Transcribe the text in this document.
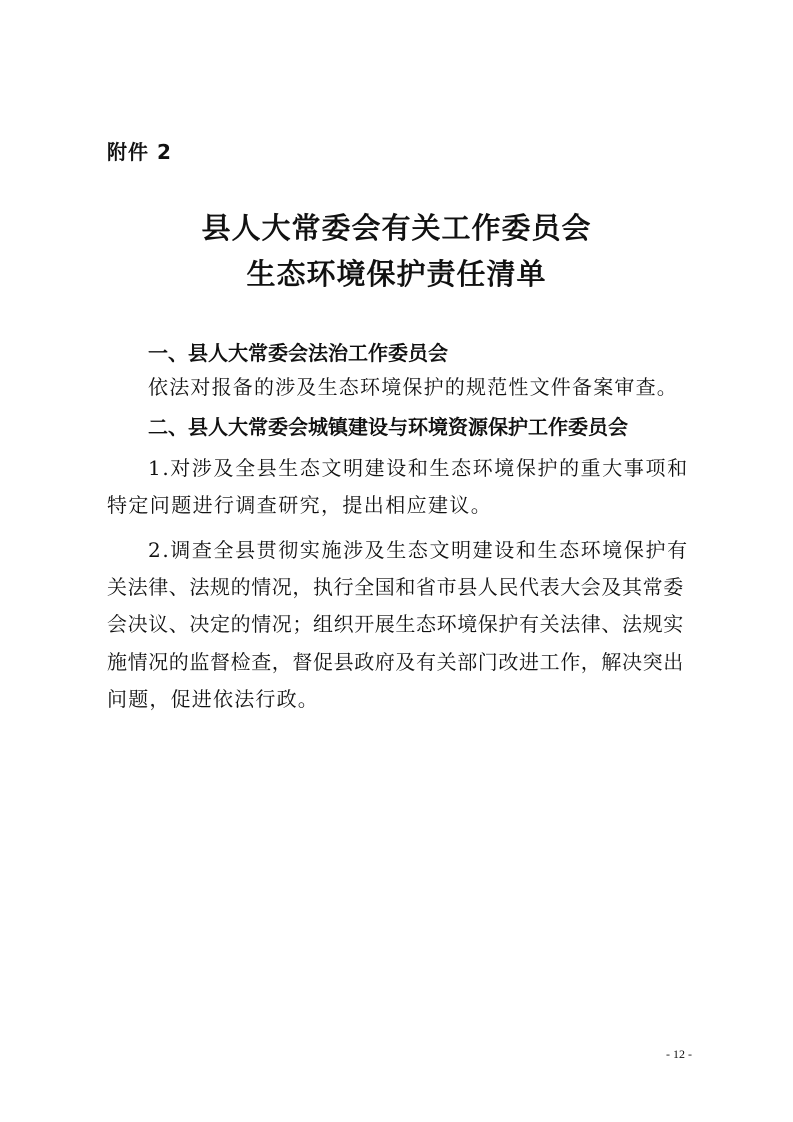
附件 2
县人大常委会有关工作委员会
生态环境保护责任清单
一、县人大常委会法治工作委员会
依法对报备的涉及生态环境保护的规范性文件备案审查。
二、县人大常委会城镇建设与环境资源保护工作委员会
1.对涉及全县生态文明建设和生态环境保护的重大事项和
特定问题进行调查研究，提出相应建议。
2.调查全县贯彻实施涉及生态文明建设和生态环境保护有
关法律、法规的情况，执行全国和省市县人民代表大会及其常委
会决议、决定的情况；组织开展生态环境保护有关法律、法规实
施情况的监督检查，督促县政府及有关部门改进工作，解决突出
问题，促进依法行政。
- 12 -
